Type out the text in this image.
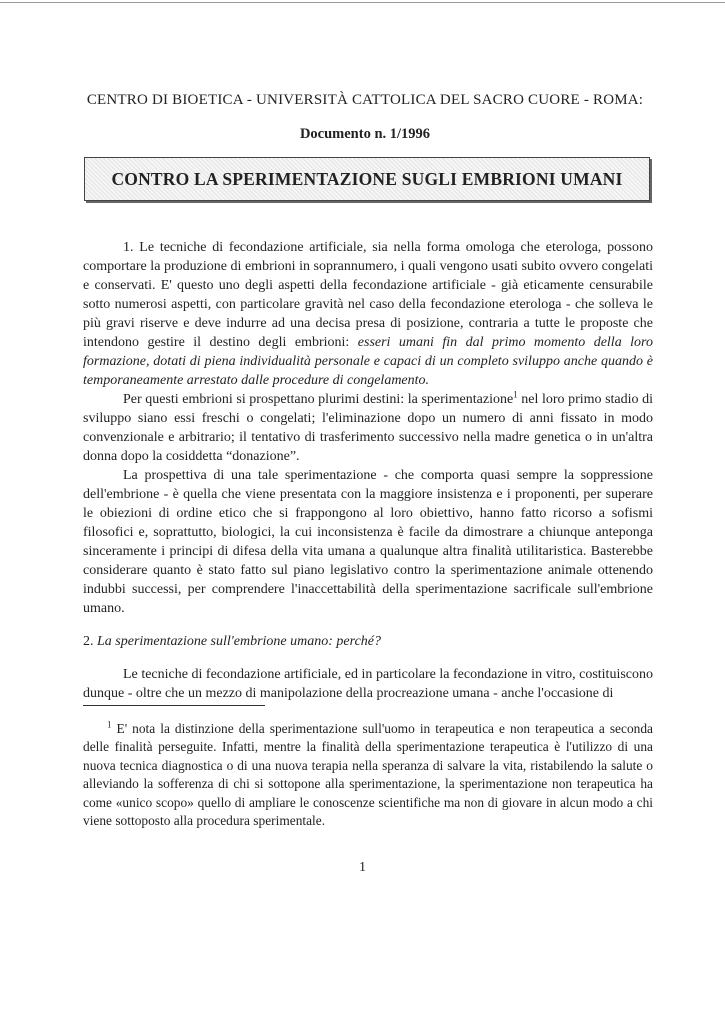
CENTRO DI BIOETICA - UNIVERSITÀ CATTOLICA DEL SACRO CUORE - ROMA:
Documento n. 1/1996
CONTRO LA SPERIMENTAZIONE SUGLI EMBRIONI UMANI

1. Le tecniche di fecondazione artificiale, sia nella forma omologa che eterologa, possono comportare la produzione di embrioni in soprannumero, i quali vengono usati subito ovvero congelati e conservati. E' questo uno degli aspetti della fecondazione artificiale - già eticamente censurabile sotto numerosi aspetti, con particolare gravità nel caso della fecondazione eterologa - che solleva le più gravi riserve e deve indurre ad una decisa presa di posizione, contraria a tutte le proposte che intendono gestire il destino degli embrioni: esseri umani fin dal primo momento della loro formazione, dotati di piena individualità personale e capaci di un completo sviluppo anche quando è temporaneamente arrestato dalle procedure di congelamento.

Per questi embrioni si prospettano plurimi destini: la sperimentazione$^1$ nel loro primo stadio di sviluppo siano essi freschi o congelati; l'eliminazione dopo un numero di anni fissato in modo convenzionale e arbitrario; il tentativo di trasferimento successivo nella madre genetica o in un'altra donna dopo la cosiddetta “donazione”.

La prospettiva di una tale sperimentazione - che comporta quasi sempre la soppressione dell'embrione - è quella che viene presentata con la maggiore insistenza e i proponenti, per superare le obiezioni di ordine etico che si frappongono al loro obiettivo, hanno fatto ricorso a sofismi filosofici e, soprattutto, biologici, la cui inconsistenza è facile da dimostrare a chiunque anteponga sinceramente i principi di difesa della vita umana a qualunque altra finalità utilitaristica. Basterebbe considerare quanto è stato fatto sul piano legislativo contro la sperimentazione animale ottenendo indubbi successi, per comprendere l'inaccettabilità della sperimentazione sacrificale sull'embrione umano.

2. La sperimentazione sull'embrione umano: perché?

Le tecniche di fecondazione artificiale, ed in particolare la fecondazione in vitro, costituiscono dunque - oltre che un mezzo di manipolazione della procreazione umana - anche l'occasione di

$^1$ E' nota la distinzione della sperimentazione sull'uomo in terapeutica e non terapeutica a seconda delle finalità perseguite. Infatti, mentre la finalità della sperimentazione terapeutica è l'utilizzo di una nuova tecnica diagnostica o di una nuova terapia nella speranza di salvare la vita, ristabilendo la salute o alleviando la sofferenza di chi si sottopone alla sperimentazione, la sperimentazione non terapeutica ha come «unico scopo» quello di ampliare le conoscenze scientifiche ma non di giovare in alcun modo a chi viene sottoposto alla procedura sperimentale.

1
